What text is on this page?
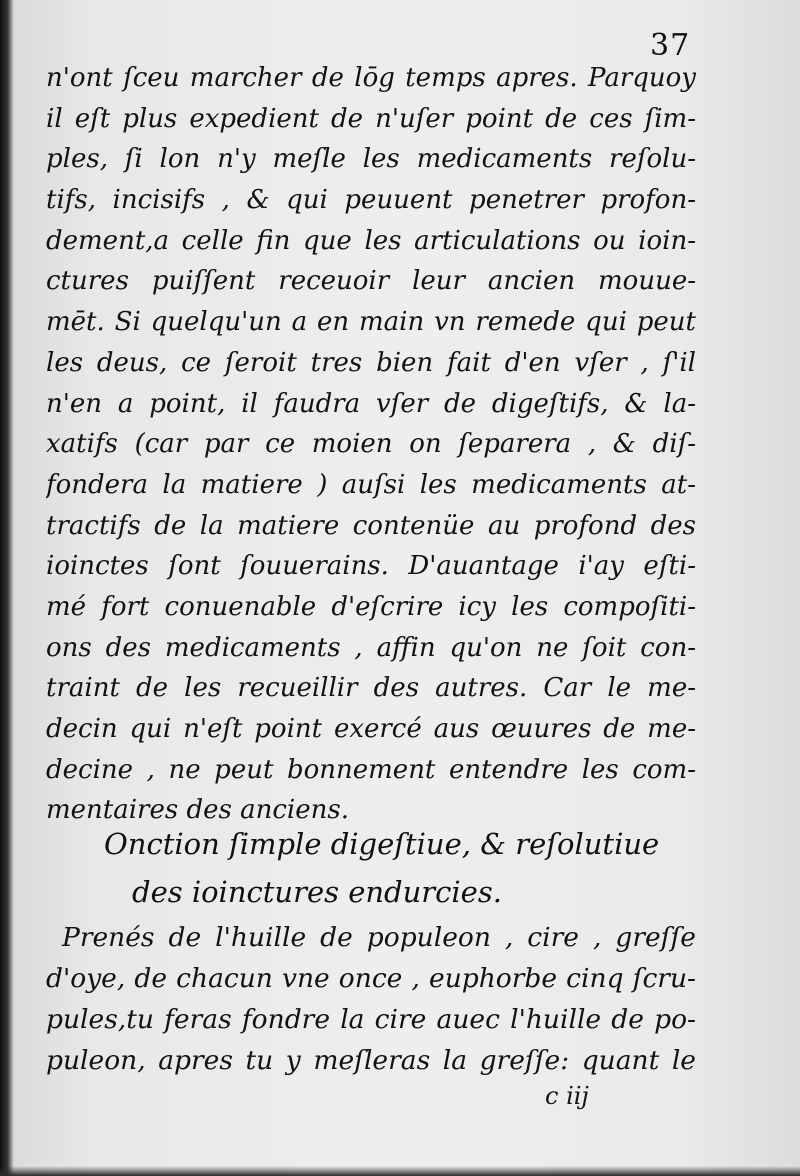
37
n'ont ſceu marcher de lōg temps apres. Parquoy
il eſt plus expedient de n'uſer point de ces ſim-
ples, ſi lon n'y meſle les medicaments reſolu-
tifs, incisifs , & qui peuuent penetrer profon-
dement,a celle fin que les articulations ou ioin-
ctures puiſſent receuoir leur ancien mouue-
mēt. Si quelqu'un a en main vn remede qui peut
les deus, ce ſeroit tres bien fait d'en vſer , ſ'il
n'en a point, il faudra vſer de digeſtifs, & la-
xatifs (car par ce moien on ſeparera , & diſ-
fondera la matiere ) auſsi les medicaments at-
tractifs de la matiere contenüe au profond des
ioinctes ſont ſouuerains. D'auantage i'ay eſti-
mé fort conuenable d'eſcrire icy les compoſiti-
ons des medicaments , affin qu'on ne ſoit con-
traint de les recueillir des autres. Car le me-
decin qui n'eſt point exercé aus œuures de me-
decine , ne peut bonnement entendre les com-
mentaires des anciens.
Onction ſimple digeſtiue, & reſolutiue
des ioinctures endurcies.
Prenés de l'huille de populeon , cire , greſſe
d'oye, de chacun vne once , euphorbe cinq ſcru-
pules,tu feras fondre la cire auec l'huille de po-
puleon, apres tu y meſleras la greſſe: quant le
c iij
